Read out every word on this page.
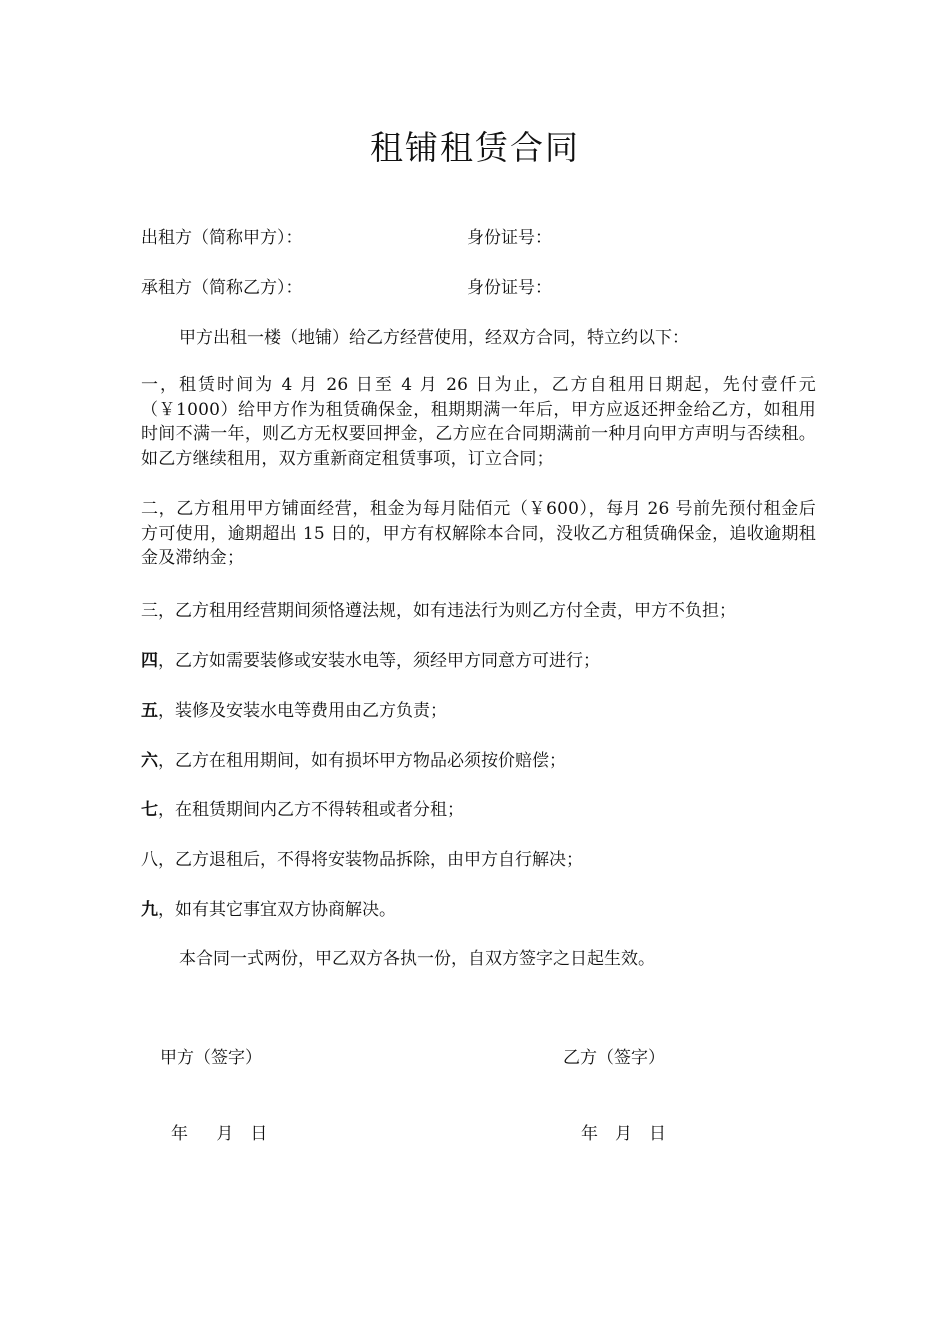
租铺租赁合同
出租方（简称甲方）：	身份证号：
承租方（简称乙方）：	身份证号：
甲方出租一楼（地铺）给乙方经营使用，经双方合同，特立约以下：
一，租赁时间为 4 月 26 日至 4 月 26 日为止，乙方自租用日期起，先付壹仟元（￥1000）给甲方作为租赁确保金，租期期满一年后，甲方应返还押金给乙方，如租用时间不满一年，则乙方无权要回押金，乙方应在合同期满前一种月向甲方声明与否续租。如乙方继续租用，双方重新商定租赁事项，订立合同；
二，乙方租用甲方铺面经营，租金为每月陆佰元（￥600），每月 26 号前先预付租金后方可使用，逾期超出 15 日的，甲方有权解除本合同，没收乙方租赁确保金，追收逾期租金及滞纳金；
三，乙方租用经营期间须恪遵法规，如有违法行为则乙方付全责，甲方不负担；
四，乙方如需要装修或安装水电等，须经甲方同意方可进行；
五，装修及安装水电等费用由乙方负责；
六，乙方在租用期间，如有损坏甲方物品必须按价赔偿；
七，在租赁期间内乙方不得转租或者分租；
八，乙方退租后，不得将安装物品拆除，由甲方自行解决；
九，如有其它事宜双方协商解决。
本合同一式两份，甲乙双方各执一份，自双方签字之日起生效。
甲方（签字）	乙方（签字）
年　 月　日	年　月　日
